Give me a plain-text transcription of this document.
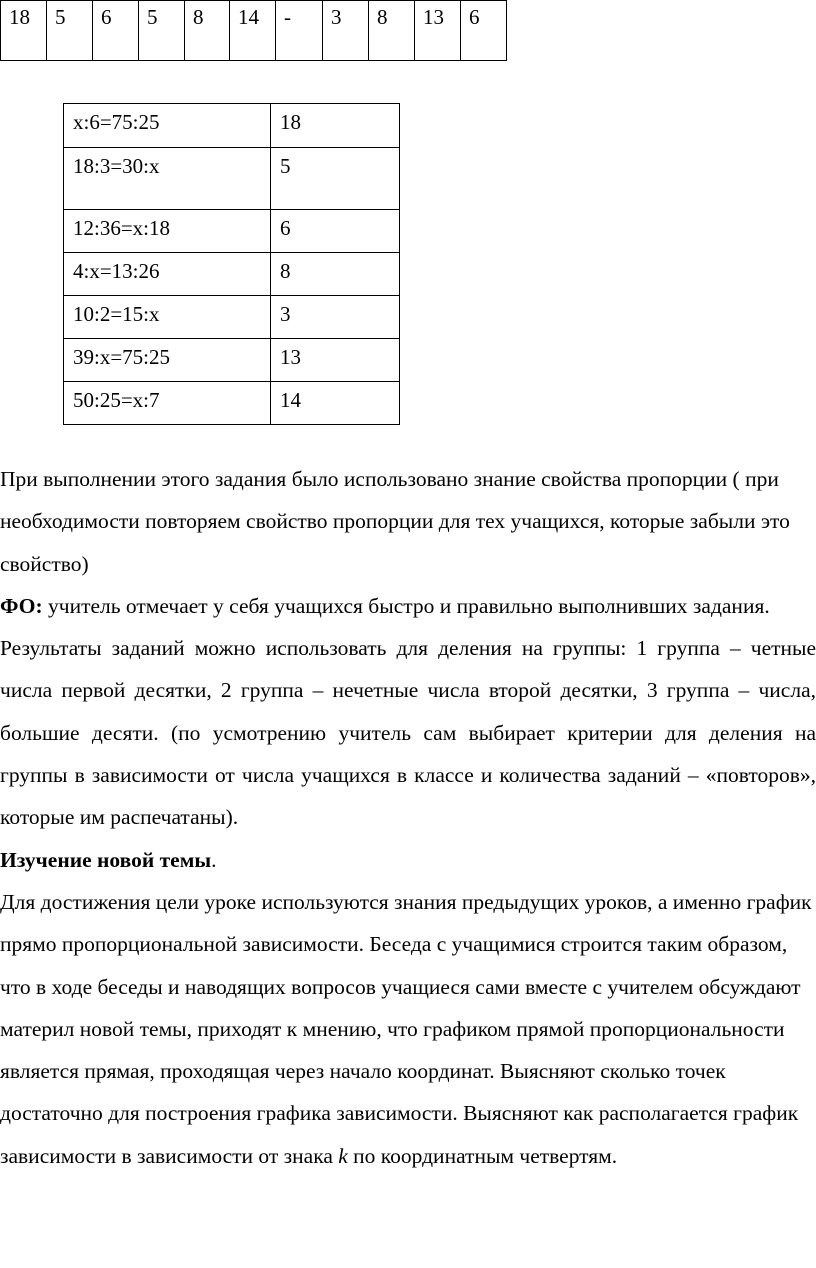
18	5	6	5	8	14	-	3	8	13	6
x:6=75:25	18
18:3=30:x	5
12:36=x:18	6
4:x=13:26	8
10:2=15:x	3
39:x=75:25	13
50:25=x:7	14

При выполнении этого задания было использовано знание свойства пропорции ( при необходимости повторяем свойство пропорции для тех учащихся, которые забыли это свойство)

ФО: учитель отмечает у себя учащихся быстро и правильно выполнивших задания.

Результаты заданий можно использовать для деления на группы: 1 группа – четные числа первой десятки, 2 группа – нечетные числа второй десятки, 3 группа – числа, большие десяти. (по усмотрению учитель сам выбирает критерии для деления на группы в зависимости от числа учащихся в классе и количества заданий – «повторов», которые им распечатаны).

Изучение новой темы.

Для достижения цели уроке используются знания предыдущих уроков, а именно график прямо пропорциональной зависимости. Беседа с учащимися строится таким образом, что в ходе беседы и наводящих вопросов учащиеся сами вместе с учителем обсуждают материл новой темы, приходят к мнению, что графиком прямой пропорциональности является прямая, проходящая через начало координат. Выясняют сколько точек достаточно для построения графика зависимости. Выясняют как располагается график зависимости в зависимости от знака k по координатным четвертям.
